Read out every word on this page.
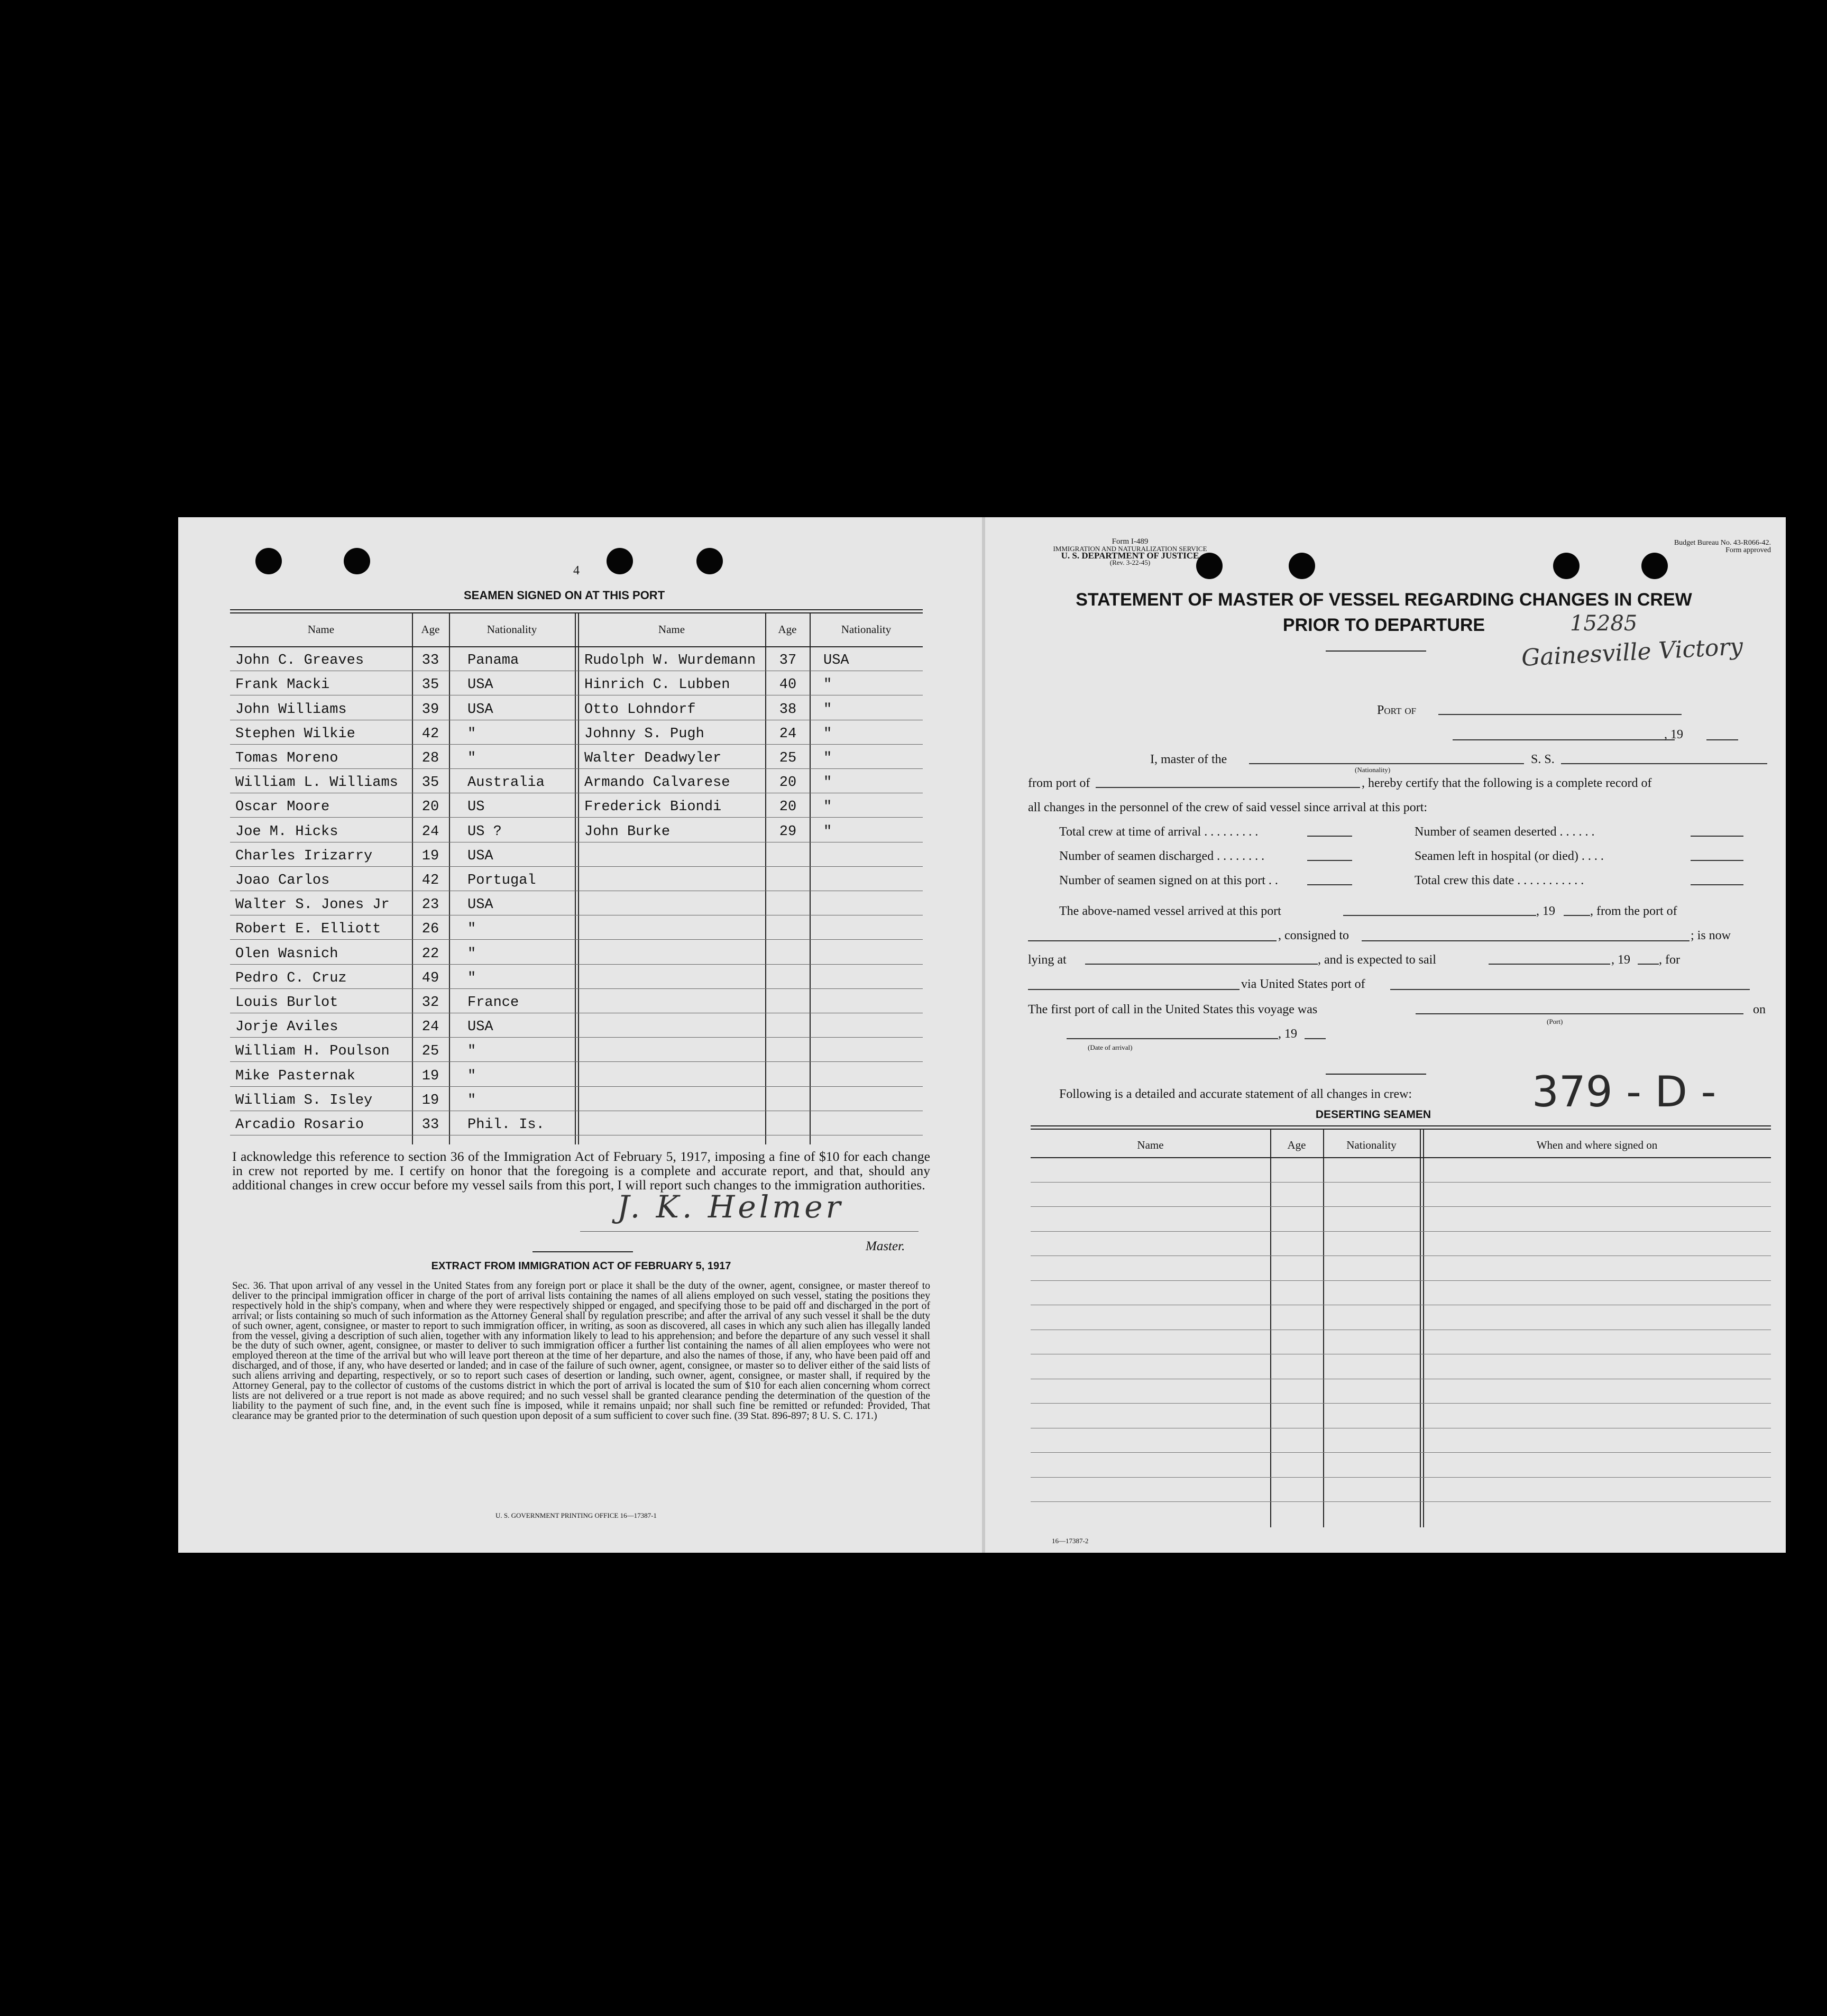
4
SEAMEN SIGNED ON AT THIS PORT
Name	Age	Nationality	Name	Age	Nationality
John C. Greaves	33	Panama	Rudolph W. Wurdemann	37	USA
Frank Macki	35	USA	Hinrich C. Lubben	40	"
John Williams	39	USA	Otto Lohndorf	38	"
Stephen Wilkie	42	"	Johnny S. Pugh	24	"
Tomas Moreno	28	"	Walter Deadwyler	25	"
William L. Williams	35	Australia	Armando Calvarese	20	"
Oscar Moore	20	US	Frederick Biondi	20	"
Joe M. Hicks	24	US ?	John Burke	29	"
Charles Irizarry	19	USA
Joao Carlos	42	Portugal
Walter S. Jones Jr	23	USA
Robert E. Elliott	26	"
Olen Wasnich	22	"
Pedro C. Cruz	49	"
Louis Burlot	32	France
Jorje Aviles	24	USA
William H. Poulson	25	"
Mike Pasternak	19	"
William S. Isley	19	"
Arcadio Rosario	33	Phil. Is.
I acknowledge this reference to section 36 of the Immigration Act of February 5, 1917, imposing a fine of $10 for each change in crew not reported by me. I certify on honor that the foregoing is a complete and accurate report, and that, should any additional changes in crew occur before my vessel sails from this port, I will report such changes to the immigration authorities.
J. K. Helmer
Master.
EXTRACT FROM IMMIGRATION ACT OF FEBRUARY 5, 1917
Sec. 36. That upon arrival of any vessel in the United States from any foreign port or place it shall be the duty of the owner, agent, consignee, or master thereof to deliver to the principal immigration officer in charge of the port of arrival lists containing the names of all aliens employed on such vessel, stating the positions they respectively hold in the ship's company, when and where they were respectively shipped or engaged, and specifying those to be paid off and discharged in the port of arrival; or lists containing so much of such information as the Attorney General shall by regulation prescribe; and after the arrival of any such vessel it shall be the duty of such owner, agent, consignee, or master to report to such immigration officer, in writing, as soon as discovered, all cases in which any such alien has illegally landed from the vessel, giving a description of such alien, together with any information likely to lead to his apprehension; and before the departure of any such vessel it shall be the duty of such owner, agent, consignee, or master to deliver to such immigration officer a further list containing the names of all alien employees who were not employed thereon at the time of the arrival but who will leave port thereon at the time of her departure, and also the names of those, if any, who have been paid off and discharged, and of those, if any, who have deserted or landed; and in case of the failure of such owner, agent, consignee, or master so to deliver either of the said lists of such aliens arriving and departing, respectively, or so to report such cases of desertion or landing, such owner, agent, consignee, or master shall, if required by the Attorney General, pay to the collector of customs of the customs district in which the port of arrival is located the sum of $10 for each alien concerning whom correct lists are not delivered or a true report is not made as above required; and no such vessel shall be granted clearance pending the determination of the question of the liability to the payment of such fine, and, in the event such fine is imposed, while it remains unpaid; nor shall such fine be remitted or refunded: Provided, That clearance may be granted prior to the determination of such question upon deposit of a sum sufficient to cover such fine. (39 Stat. 896-897; 8 U. S. C. 171.)
U. S. GOVERNMENT PRINTING OFFICE 16—17387-1
Form I-489
IMMIGRATION AND NATURALIZATION SERVICE
U. S. DEPARTMENT OF JUSTICE
(Rev. 3-22-45)
Budget Bureau No. 43-R066-42.
Form approved
STATEMENT OF MASTER OF VESSEL REGARDING CHANGES IN CREW
PRIOR TO DEPARTURE	15285
Gainesville Victory
Port of
, 19
I, master of the
(Nationality)
S. S.
from port of	, hereby certify that the following is a complete record of
all changes in the personnel of the crew of said vessel since arrival at this port:
Total crew at time of arrival . . . . . . . . .	Number of seamen deserted . . . . . .
Number of seamen discharged . . . . . . . .	Seamen left in hospital (or died) . . . .
Number of seamen signed on at this port . .	Total crew this date . . . . . . . . . . .
The above-named vessel arrived at this port	, 19	, from the port of
, consigned to	; is now
lying at	, and is expected to sail	, 19 , for
via United States port of
The first port of call in the United States this voyage was
(Port)
on
, 19
(Date of arrival)
Following is a detailed and accurate statement of all changes in crew:	379 - D -
DESERTING SEAMEN
Name	Age	Nationality	When and where signed on
16—17387-2
